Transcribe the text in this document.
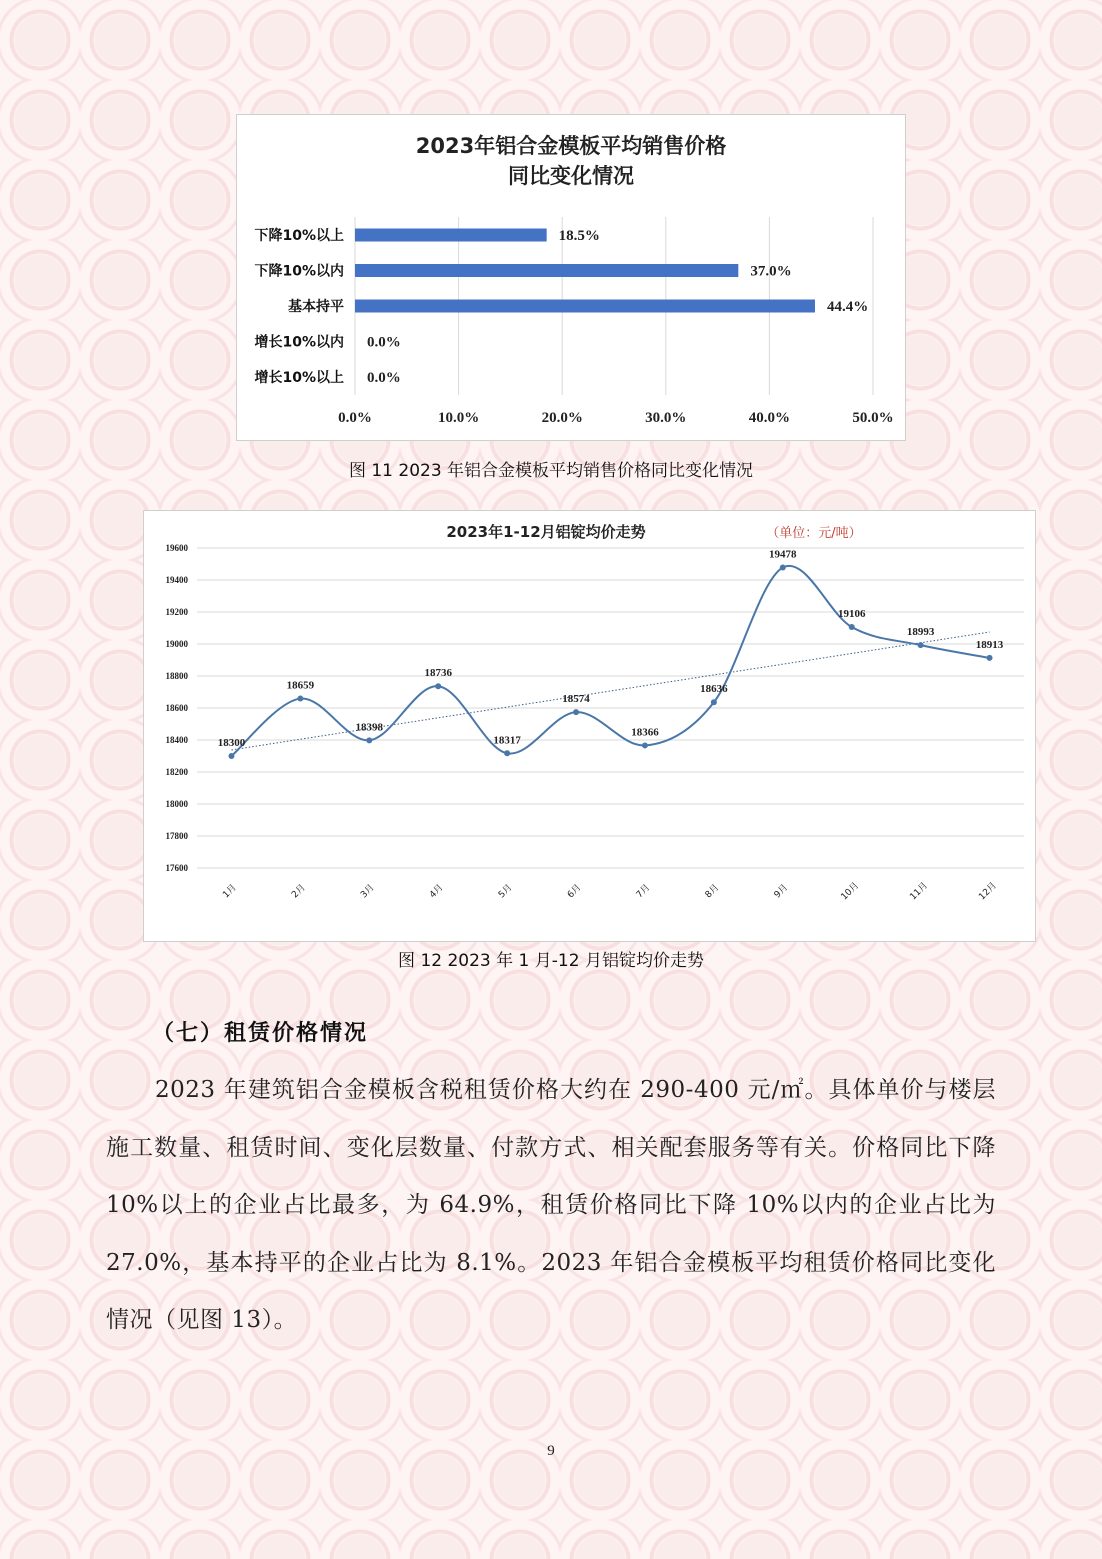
2023年铝合金模板平均销售价格
同比变化情况
0.0%	10.0%	20.0%	30.0%	40.0%	50.0%
下降10%以上	18.5%
下降10%以内	37.0%
基本持平	44.4%
增长10%以内 0.0%
增长10%以上 0.0%
图 11 2023 年铝合金模板平均销售价格同比变化情况
2023年1-12月铝锭均价走势	（单位：元/吨）
19600
19400
19200
19000
18800
18600
18400
18200
18000
17800
17600
1月	2月	3月	4月	5月	6月	7月	8月	9月	10月	11月	12月
18300
18659
18398
18736
18317
18574
18366
18636
19478
19106
18993
18913
图 12 2023 年 1 月-12 月铝锭均价走势
（七）租赁价格情况

2023 年建筑铝合金模板含税租赁价格大约在 290-400 元/㎡。具体单价与楼层施工数量、租赁时间、变化层数量、付款方式、相关配套服务等有关。价格同比下降 10%以上的企业占比最多，为 64.9%，租赁价格同比下降 10%以内的企业占比为 27.0%，基本持平的企业占比为 8.1%。2023 年铝合金模板平均租赁价格同比变化情况（见图 13）。

9
